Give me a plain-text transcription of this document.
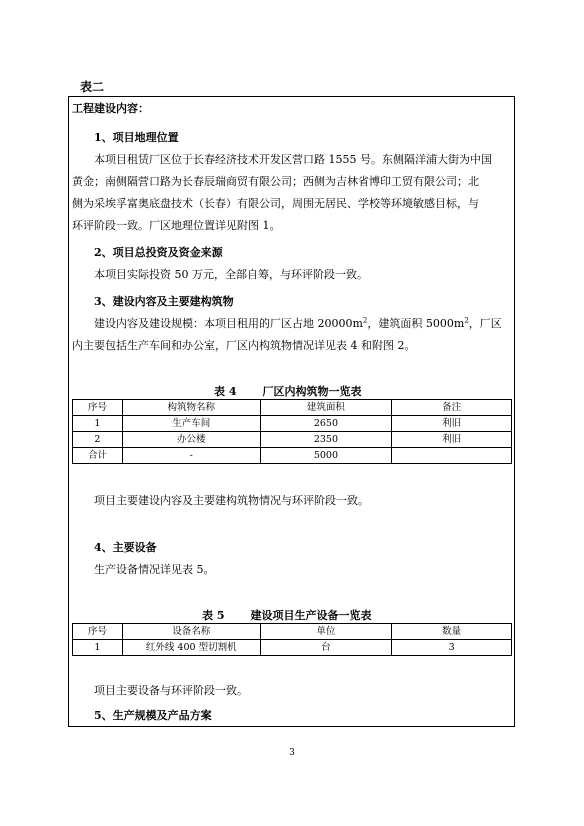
表二
工程建设内容：
1、项目地理位置
本项目租赁厂区位于长春经济技术开发区营口路 1555 号。东侧隔洋浦大街为中国
黄金；南侧隔营口路为长春辰瑞商贸有限公司；西侧为吉林省博印工贸有限公司；北
侧为采埃孚富奥底盘技术（长春）有限公司，周围无居民、学校等环境敏感目标，与
环评阶段一致。厂区地理位置详见附图 1。
2、项目总投资及资金来源
本项目实际投资 50 万元，全部自筹，与环评阶段一致。
3、建设内容及主要建构筑物
建设内容及建设规模：本项目租用的厂区占地 $20000m^2$，建筑面积 $5000m^2$，厂区
内主要包括生产车间和办公室，厂区内构筑物情况详见表 4 和附图 2。
表 4 厂区内构筑物一览表
序号	构筑物名称	建筑面积	备注
1	生产车间	2650	利旧
2	办公楼	2350	利旧
合计	-	5000	
项目主要建设内容及主要建构筑物情况与环评阶段一致。
4、主要设备
生产设备情况详见表 5。
表 5 建设项目生产设备一览表
序号	设备名称	单位	数量
1	红外线 400 型切割机	台	3
项目主要设备与环评阶段一致。
5、生产规模及产品方案
3
